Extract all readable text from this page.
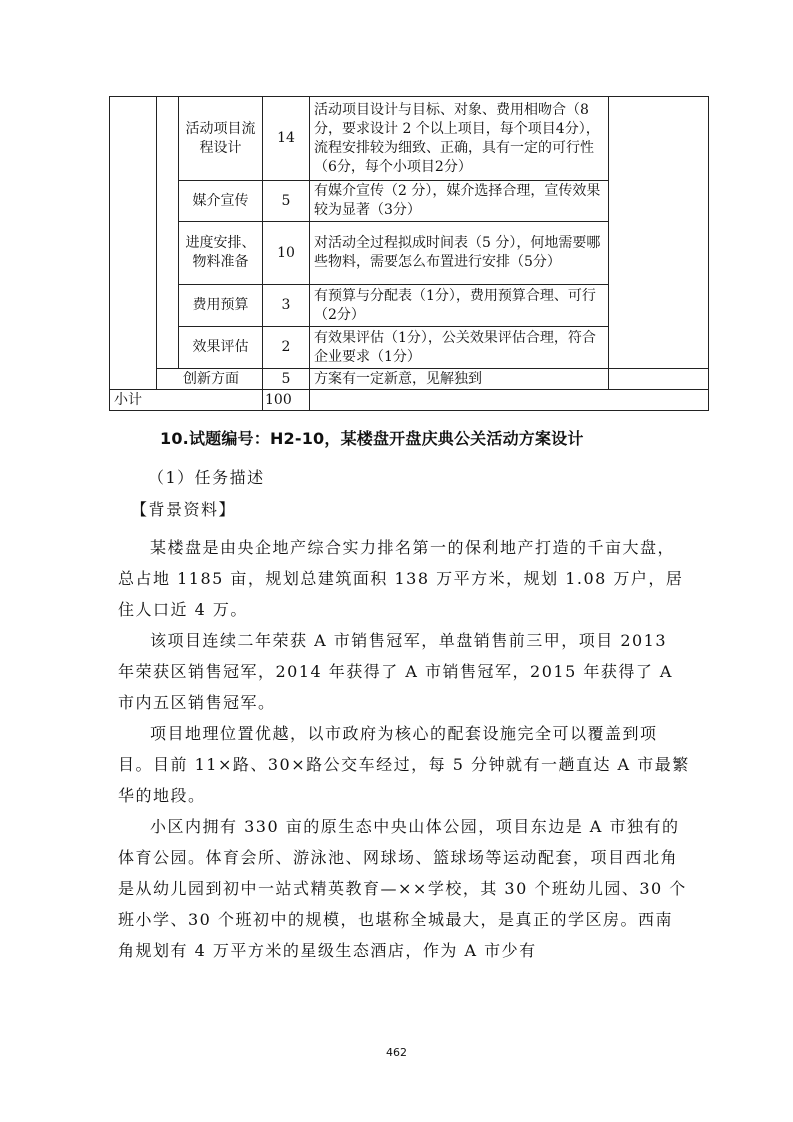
		活动项目流程设计	14	活动项目设计与目标、对象、费用相吻合（8分，要求设计 2 个以上项目，每个项目4分），流程安排较为细致、正确，具有一定的可行性（6分，每个小项目2分）	
		媒介宣传	5	有媒介宣传（2 分），媒介选择合理，宣传效果较为显著（3分）	
		进度安排、物料准备	10	对活动全过程拟成时间表（5 分），何地需要哪些物料，需要怎么布置进行安排（5分）	
		费用预算	3	有预算与分配表（1分），费用预算合理、可行（2分）	
		效果评估	2	有效果评估（1分），公关效果评估合理，符合企业要求（1分）	
	创新方面		5	方案有一定新意，见解独到	
小计			100		
10.试题编号：H2-10，某楼盘开盘庆典公关活动方案设计
（1）任务描述
【背景资料】
某楼盘是由央企地产综合实力排名第一的保利地产打造的千亩大盘，总占地 1185 亩，规划总建筑面积 138 万平方米，规划 1.08 万户，居住人口近 4 万。
该项目连续二年荣获 A 市销售冠军，单盘销售前三甲，项目 2013 年荣获区销售冠军，2014 年获得了 A 市销售冠军，2015 年获得了 A 市内五区销售冠军。
项目地理位置优越，以市政府为核心的配套设施完全可以覆盖到项目。目前 11×路、30×路公交车经过，每 5 分钟就有一趟直达 A 市最繁华的地段。
小区内拥有 330 亩的原生态中央山体公园，项目东边是 A 市独有的体育公园。体育会所、游泳池、网球场、篮球场等运动配套，项目西北角是从幼儿园到初中一站式精英教育—××学校，其 30 个班幼儿园、30 个班小学、30 个班初中的规模，也堪称全城最大，是真正的学区房。西南角规划有 4 万平方米的星级生态酒店，作为 A 市少有
462
